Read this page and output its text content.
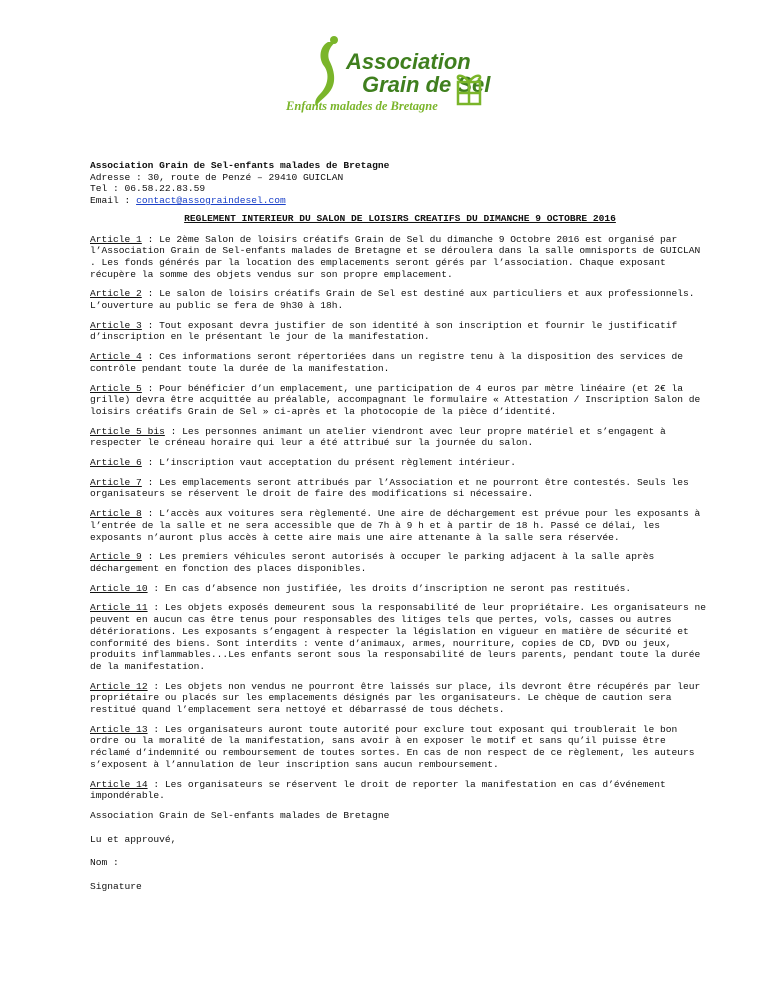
Association
Grain de Sel
Enfants malades de Bretagne
Association Grain de Sel-enfants malades de Bretagne
Adresse : 30, route de Penzé – 29410 GUICLAN
Tel : 06.58.22.83.59
Email : contact@assograindesel.com
REGLEMENT INTERIEUR DU SALON DE LOISIRS CREATIFS DU DIMANCHE 9 OCTOBRE 2016

Article 1 : Le 2ème Salon de loisirs créatifs Grain de Sel du dimanche 9 Octobre 2016 est organisé par l’Association Grain de Sel-enfants malades de Bretagne et se déroulera dans la salle omnisports de GUICLAN . Les fonds générés par la location des emplacements seront gérés par l’association. Chaque exposant récupère la somme des objets vendus sur son propre emplacement.

Article 2 : Le salon de loisirs créatifs Grain de Sel est destiné aux particuliers et aux professionnels. L’ouverture au public se fera de 9h30 à 18h.

Article 3 : Tout exposant devra justifier de son identité à son inscription et fournir le justificatif d’inscription en le présentant le jour de la manifestation.

Article 4 : Ces informations seront répertoriées dans un registre tenu à la disposition des services de contrôle pendant toute la durée de la manifestation.

Article 5 : Pour bénéficier d’un emplacement, une participation de 4 euros par mètre linéaire (et 2€ la grille) devra être acquittée au préalable, accompagnant le formulaire « Attestation / Inscription Salon de loisirs créatifs Grain de Sel » ci-après et la photocopie de la pièce d’identité.

Article 5 bis : Les personnes animant un atelier viendront avec leur propre matériel et s’engagent à respecter le créneau horaire qui leur a été attribué sur la journée du salon.

Article 6 : L’inscription vaut acceptation du présent règlement intérieur.

Article 7 : Les emplacements seront attribués par l’Association et ne pourront être contestés. Seuls les organisateurs se réservent le droit de faire des modifications si nécessaire.

Article 8 : L’accès aux voitures sera règlementé. Une aire de déchargement est prévue pour les exposants à l’entrée de la salle et ne sera accessible que de 7h à 9 h et à partir de 18 h. Passé ce délai, les exposants n’auront plus accès à cette aire mais une aire attenante à la salle sera réservée.

Article 9 : Les premiers véhicules seront autorisés à occuper le parking adjacent à la salle après déchargement en fonction des places disponibles.

Article 10 : En cas d’absence non justifiée, les droits d’inscription ne seront pas restitués.

Article 11 : Les objets exposés demeurent sous la responsabilité de leur propriétaire. Les organisateurs ne peuvent en aucun cas être tenus pour responsables des litiges tels que pertes, vols, casses ou autres détériorations. Les exposants s’engagent à respecter la législation en vigueur en matière de sécurité et conformité des biens. Sont interdits : vente d’animaux, armes, nourriture, copies de CD, DVD ou jeux, produits inflammables...Les enfants seront sous la responsabilité de leurs parents, pendant toute la durée de la manifestation.

Article 12 : Les objets non vendus ne pourront être laissés sur place, ils devront être récupérés par leur propriétaire ou placés sur les emplacements désignés par les organisateurs. Le chèque de caution sera restitué quand l’emplacement sera nettoyé et débarrassé de tous déchets.

Article 13 : Les organisateurs auront toute autorité pour exclure tout exposant qui troublerait le bon ordre ou la moralité de la manifestation, sans avoir à en exposer le motif et sans qu’il puisse être réclamé d’indemnité ou remboursement de toutes sortes. En cas de non respect de ce règlement, les auteurs s’exposent à l’annulation de leur inscription sans aucun remboursement.

Article 14 : Les organisateurs se réservent le droit de reporter la manifestation en cas d’événement impondérable.

Association Grain de Sel-enfants malades de Bretagne
Lu et approuvé,
Nom :
Signature
